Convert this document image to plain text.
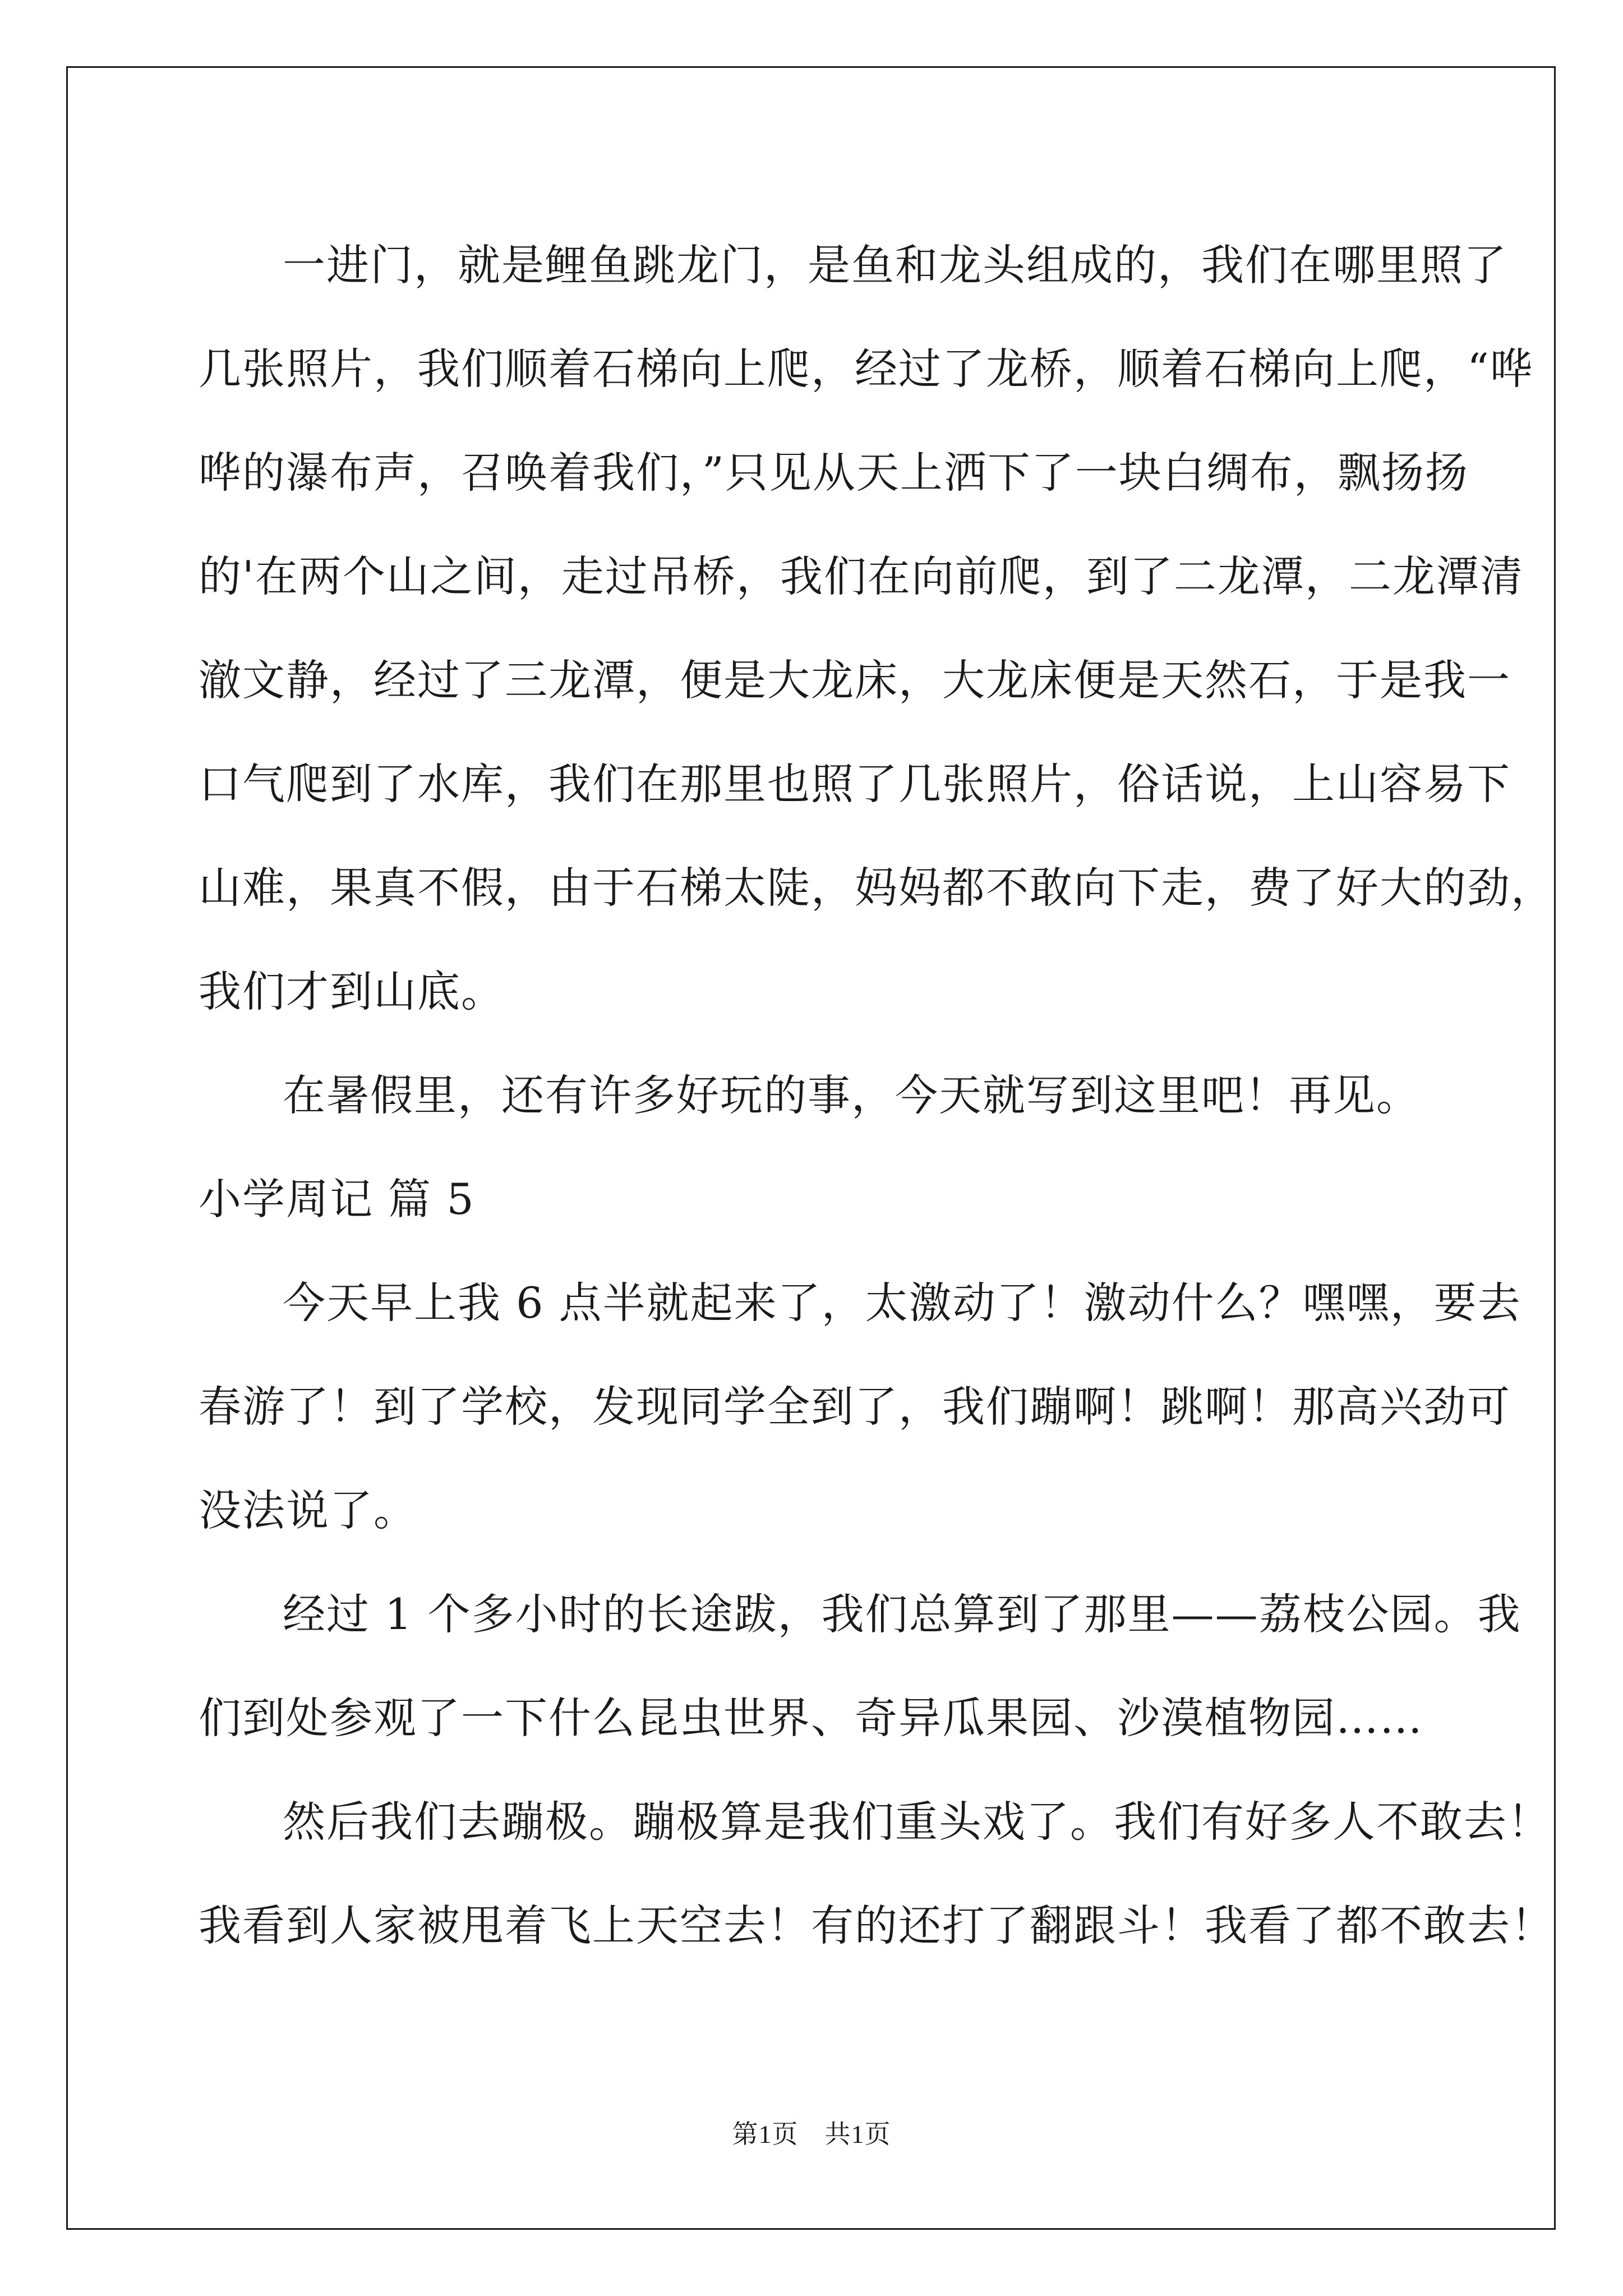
一进门，就是鲤鱼跳龙门，是鱼和龙头组成的，我们在哪里照了
几张照片，我们顺着石梯向上爬，经过了龙桥，顺着石梯向上爬，“哗
哗的瀑布声，召唤着我们，”只见从天上洒下了一块白绸布，飘扬扬
的'在两个山之间，走过吊桥，我们在向前爬，到了二龙潭，二龙潭清
澈文静，经过了三龙潭，便是大龙床，大龙床便是天然石，于是我一
口气爬到了水库，我们在那里也照了几张照片，俗话说，上山容易下
山难，果真不假，由于石梯太陡，妈妈都不敢向下走，费了好大的劲，
我们才到山底。
在暑假里，还有许多好玩的事，今天就写到这里吧！再见。
小学周记 篇 5
今天早上我 6 点半就起来了，太激动了！激动什么？嘿嘿，要去
春游了！到了学校，发现同学全到了，我们蹦啊！跳啊！那高兴劲可
没法说了。
经过 1 个多小时的长途跋，我们总算到了那里——荔枝公园。我
们到处参观了一下什么昆虫世界、奇异瓜果园、沙漠植物园……
然后我们去蹦极。蹦极算是我们重头戏了。我们有好多人不敢去！
我看到人家被甩着飞上天空去！有的还打了翻跟斗！我看了都不敢去！
第1页　共1页
